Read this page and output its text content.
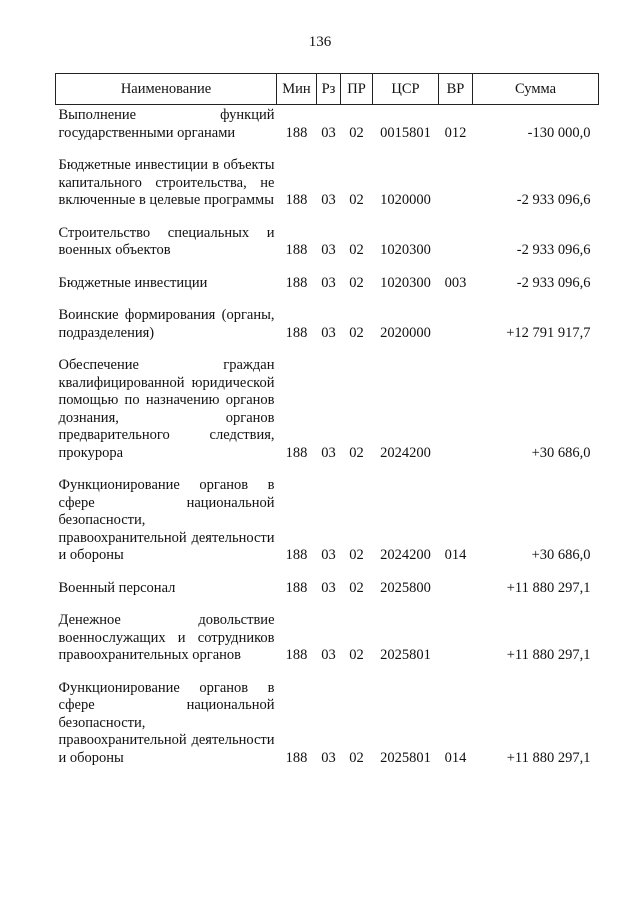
136
Наименование	Мин	Рз	ПР	ЦСР	ВР	Сумма
Выполнение функций государственными органами	188	03	02	0015801	012	-130 000,0
Бюджетные инвестиции в объекты капитального строительства, не включенные в целевые программы	188	03	02	1020000		-2 933 096,6
Строительство специальных и военных объектов	188	03	02	1020300		-2 933 096,6
Бюджетные инвестиции	188	03	02	1020300	003	-2 933 096,6
Воинские формирования (органы, подразделения)	188	03	02	2020000		+12 791 917,7
Обеспечение граждан квалифицированной юридической помощью по назначению органов дознания, органов предварительного следствия, прокурора	188	03	02	2024200		+30 686,0
Функционирование органов в сфере национальной безопасности, правоохранительной деятельности и обороны	188	03	02	2024200	014	+30 686,0
Военный персонал	188	03	02	2025800		+11 880 297,1
Денежное довольствие военнослужащих и сотрудников правоохранительных органов	188	03	02	2025801		+11 880 297,1
Функционирование органов в сфере национальной безопасности, правоохранительной деятельности и обороны	188	03	02	2025801	014	+11 880 297,1
